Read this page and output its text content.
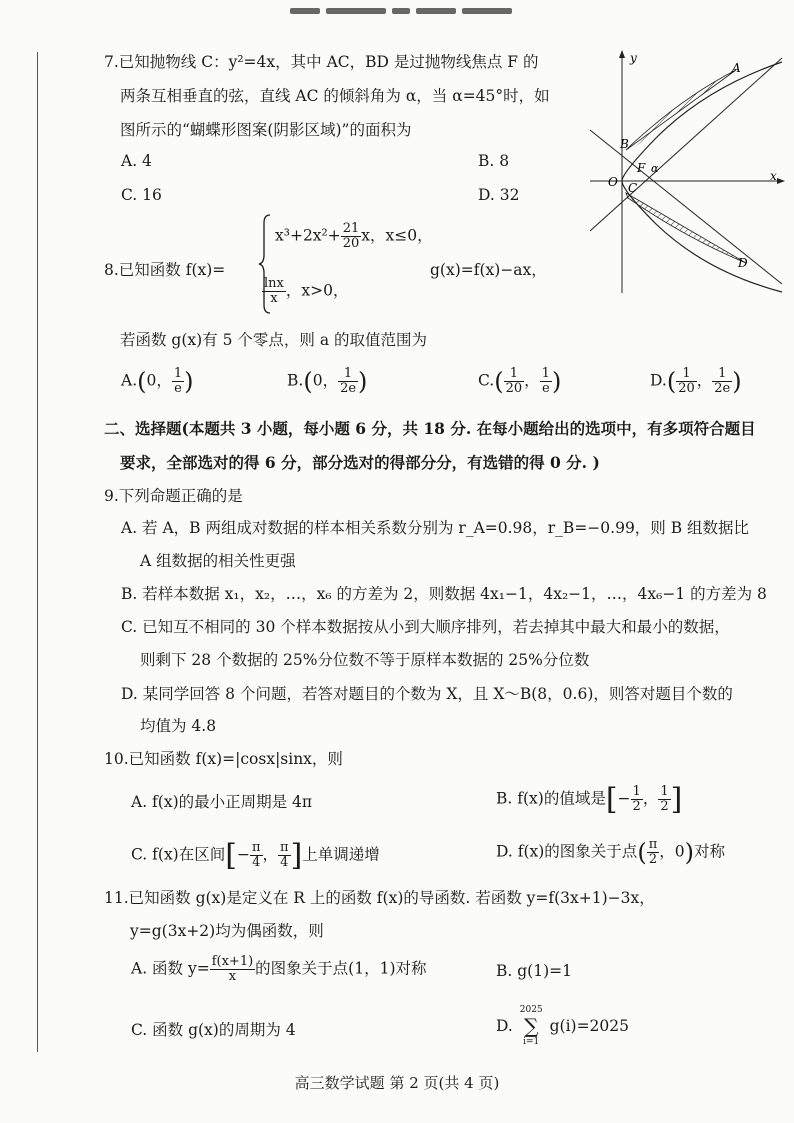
7.已知抛物线 C：y²=4x，其中 AC，BD 是过抛物线焦点 F 的
两条互相垂直的弦，直线 AC 的倾斜角为 α，当 α=45°时，如
图所示的“蝴蝶形图案(阴影区域)”的面积为
A. 4	B. 8
C. 16	D. 32
y
A
B
F α
O C
x
D
8.已知函数 f(x)=
$x^3+2x^2+ \frac{21}{20}$ x，x≤0，
$\frac{\ln x}{x}$ ，x>0，
g(x)=f(x)−ax，
若函数 g(x)有 5 个零点，则 a 的取值范围为
A.(0， $\frac{1}{e}$ )	B.(0， $\frac{1}{2e}$ )	$C.( \frac{1}{20}$ ， $\frac{1}{e}$ )	$D.( \frac{1}{20}$ ， $\frac{1}{2e}$ )
二、选择题(本题共 3 小题，每小题 6 分，共 18 分. 在每小题给出的选项中，有多项符合题目
要求，全部选对的得 6 分，部分选对的得部分分，有选错的得 0 分. )
9.下列命题正确的是
A. 若 A，B 两组成对数据的样本相关系数分别为 r_A=0.98，r_B=−0.99，则 B 组数据比
A 组数据的相关性更强
B. 若样本数据 x₁，x₂，…，x₆ 的方差为 2，则数据 4x₁−1，4x₂−1，…，4x₆−1 的方差为 8
C. 已知互不相同的 30 个样本数据按从小到大顺序排列，若去掉其中最大和最小的数据，
则剩下 28 个数据的 25%分位数不等于原样本数据的 25%分位数
D. 某同学回答 8 个问题，若答对题目的个数为 X，且 X～B(8，0.6)，则答对题目个数的
均值为 4.8
10.已知函数 f(x)=|cosx|sinx，则
A. f(x)的最小正周期是 4π	B. f(x)的值域是[− $\frac{1}{2}$ ， $\frac{1}{2}$ ]
C. f(x)在区间[− $\frac{\pi}{4}$ ， $\frac{\pi}{4}$ ]上单调递增	D. f(x)的图象关于点( $\frac{\pi}{2}$ ，0)对称
11.已知函数 g(x)是定义在 R 上的函数 f(x)的导函数. 若函数 y=f(3x+1)−3x，
y=g(3x+2)均为偶函数，则
A. 函数 $y= \frac{f(x+1)}{x}$ 的图象关于点(1，1)对称	B. g(1)=1
C. 函数 g(x)的周期为 4	D.
2025
∑
i=1
g(i)=2025
高三数学试题 第 2 页(共 4 页)
